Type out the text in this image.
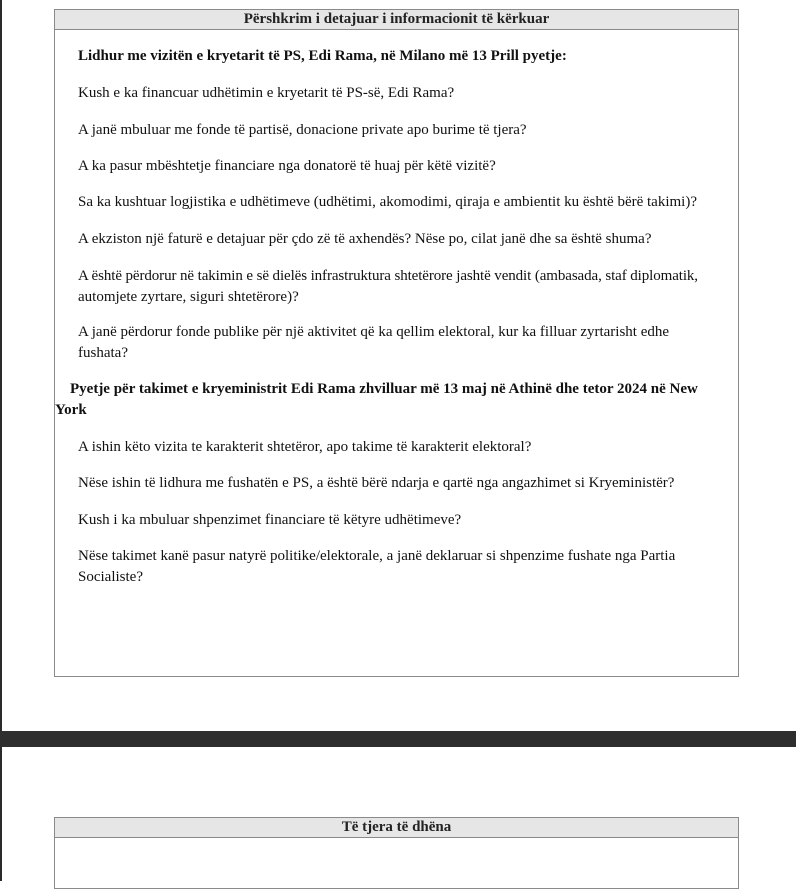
Përshkrim i detajuar i informacionit të kërkuar
Lidhur me vizitën e kryetarit të PS, Edi Rama, në Milano më 13 Prill pyetje:
Kush e ka financuar udhëtimin e kryetarit të PS-së, Edi Rama?
A janë mbuluar me fonde të partisë, donacione private apo burime të tjera?
A ka pasur mbështetje financiare nga donatorë të huaj për këtë vizitë?
Sa ka kushtuar logjistika e udhëtimeve (udhëtimi, akomodimi, qiraja e ambientit ku është bërë takimi)?
A ekziston një faturë e detajuar për çdo zë të axhendës? Nëse po, cilat janë dhe sa është shuma?
A është përdorur në takimin e së dielës infrastruktura shtetërore jashtë vendit (ambasada, staf diplomatik,
automjete zyrtare, siguri shtetërore)?
A janë përdorur fonde publike për një aktivitet që ka qellim elektoral, kur ka filluar zyrtarisht edhe
fushata?
Pyetje për takimet e kryeministrit Edi Rama zhvilluar më 13 maj në Athinë dhe tetor 2024 në New
York
A ishin këto vizita te karakterit shtetëror, apo takime të karakterit elektoral?
Nëse ishin të lidhura me fushatën e PS, a është bërë ndarja e qartë nga angazhimet si Kryeministër?
Kush i ka mbuluar shpenzimet financiare të këtyre udhëtimeve?
Nëse takimet kanë pasur natyrë politike/elektorale, a janë deklaruar si shpenzime fushate nga Partia
Socialiste?
Të tjera të dhëna
